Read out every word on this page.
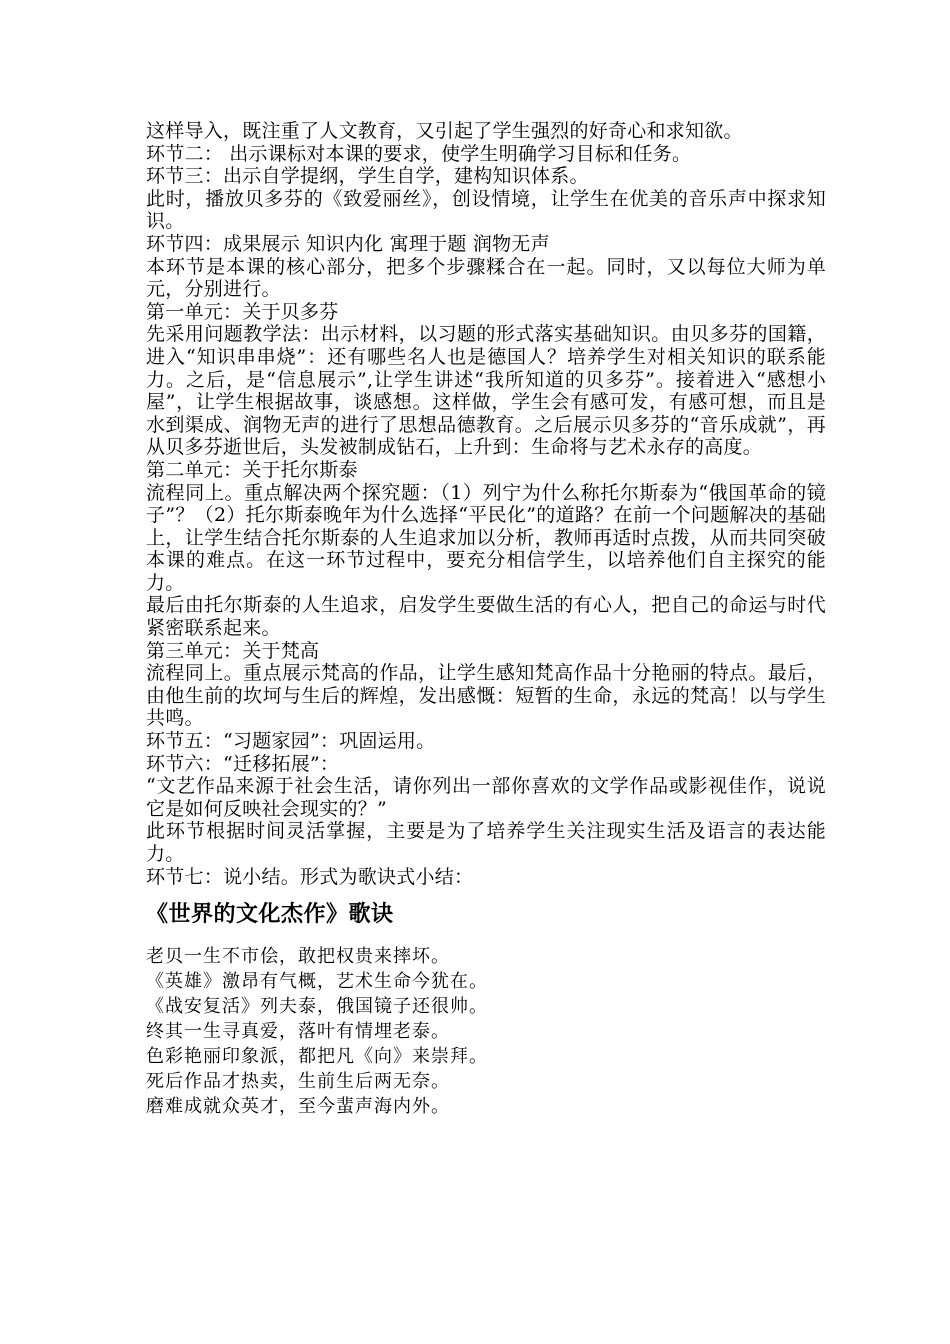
这样导入，既注重了人文教育，又引起了学生强烈的好奇心和求知欲。

环节二： 出示课标对本课的要求，使学生明确学习目标和任务。

环节三：出示自学提纲，学生自学，建构知识体系。

此时，播放贝多芬的《致爱丽丝》，创设情境，让学生在优美的音乐声中探求知识。

环节四：成果展示 知识内化 寓理于题 润物无声

本环节是本课的核心部分，把多个步骤糅合在一起。同时，又以每位大师为单元，分别进行。

第一单元：关于贝多芬

先采用问题教学法：出示材料，以习题的形式落实基础知识。由贝多芬的国籍，进入“知识串串烧”：还有哪些名人也是德国人？培养学生对相关知识的联系能力。之后，是“信息展示”,让学生讲述“我所知道的贝多芬”。接着进入“感想小屋”，让学生根据故事，谈感想。这样做，学生会有感可发，有感可想，而且是水到渠成、润物无声的进行了思想品德教育。之后展示贝多芬的“音乐成就”，再从贝多芬逝世后，头发被制成钻石，上升到：生命将与艺术永存的高度。

第二单元：关于托尔斯泰

流程同上。重点解决两个探究题：（1）列宁为什么称托尔斯泰为“俄国革命的镜子”？（2）托尔斯泰晚年为什么选择“平民化”的道路？在前一个问题解决的基础上，让学生结合托尔斯泰的人生追求加以分析，教师再适时点拨，从而共同突破本课的难点。在这一环节过程中，要充分相信学生，以培养他们自主探究的能力。

最后由托尔斯泰的人生追求，启发学生要做生活的有心人，把自己的命运与时代紧密联系起来。

第三单元：关于梵高

流程同上。重点展示梵高的作品，让学生感知梵高作品十分艳丽的特点。最后，由他生前的坎坷与生后的辉煌，发出感慨：短暂的生命，永远的梵高！以与学生共鸣。

环节五：“习题家园”：巩固运用。

环节六：“迁移拓展”：

“文艺作品来源于社会生活，请你列出一部你喜欢的文学作品或影视佳作，说说它是如何反映社会现实的？”

此环节根据时间灵活掌握，主要是为了培养学生关注现实生活及语言的表达能力。

环节七：说小结。形式为歌诀式小结：

《世界的文化杰作》歌诀

老贝一生不市侩，敢把权贵来摔坏。

《英雄》激昂有气概，艺术生命今犹在。

《战安复活》列夫泰，俄国镜子还很帅。

终其一生寻真爱，落叶有情埋老泰。

色彩艳丽印象派，都把凡《向》来崇拜。

死后作品才热卖，生前生后两无奈。

磨难成就众英才，至今蜚声海内外。
